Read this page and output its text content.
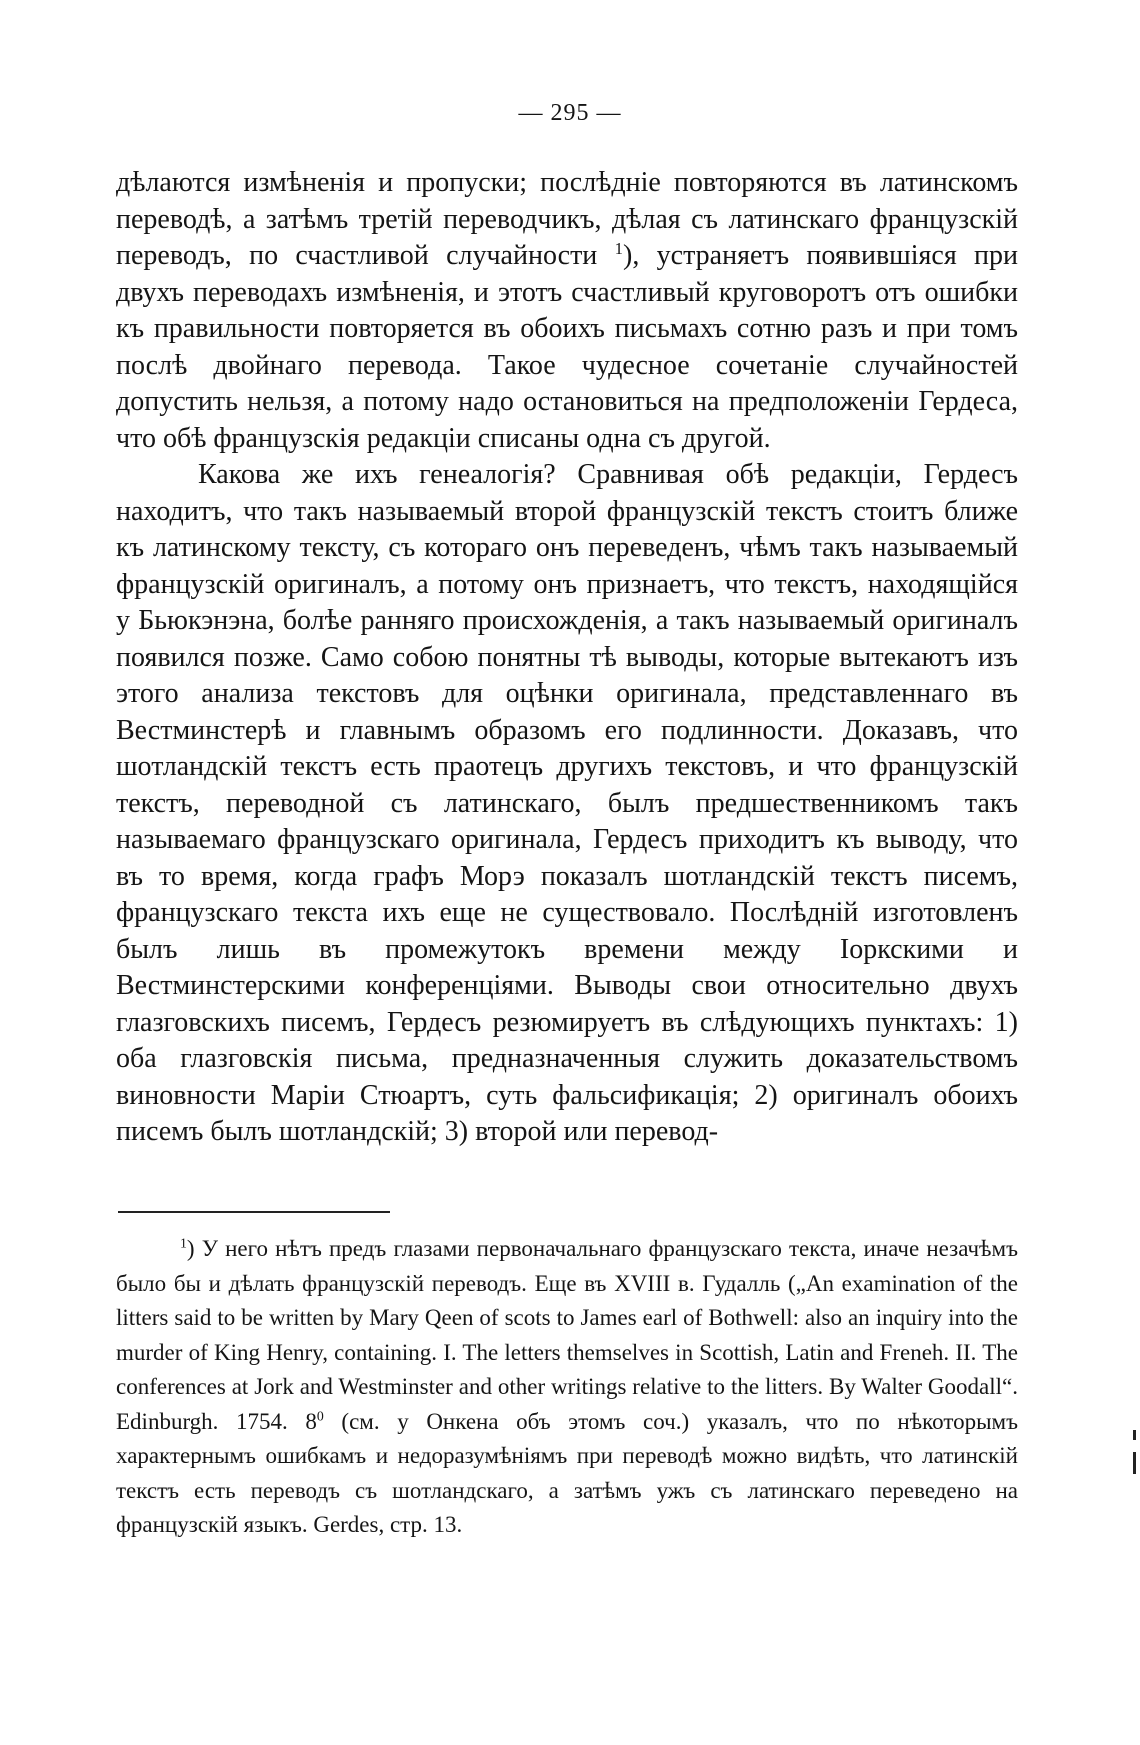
— 295 —

дѣлаются измѣненія и пропуски; послѣдніе повторяются въ латинскомъ переводѣ, а затѣмъ третій переводчикъ, дѣлая съ латинскаго французскій переводъ, по счастливой случайности $^1$), устраняетъ появившіяся при двухъ переводахъ измѣненія, и этотъ счастливый круговоротъ отъ ошибки къ правильности повторяется въ обоихъ письмахъ сотню разъ и при томъ послѣ двойнаго перевода. Такое чудесное сочетаніе случайностей допустить нельзя, а потому надо остановиться на предположеніи Гердеса, что обѣ французскія редакціи списаны одна съ другой.

Какова же ихъ генеалогія? Сравнивая обѣ редакціи, Гердесъ находитъ, что такъ называемый второй французскій текстъ стоитъ ближе къ латинскому тексту, съ котораго онъ переведенъ, чѣмъ такъ называемый французскій оригиналъ, а потому онъ признаетъ, что текстъ, находящійся у Бьюкэнэна, болѣе ранняго происхожденія, а такъ называемый оригиналъ появился позже. Само собою понятны тѣ выводы, которые вытекаютъ изъ этого анализа текстовъ для оцѣнки оригинала, представленнаго въ Вестминстерѣ и главнымъ образомъ его подлинности. Доказавъ, что шотландскій текстъ есть праотецъ другихъ текстовъ, и что французскій текстъ, переводной съ латинскаго, былъ предшественникомъ такъ называемаго французскаго оригинала, Гердесъ приходитъ къ выводу, что въ то время, когда графъ Морэ показалъ шотландскій текстъ писемъ, французскаго текста ихъ еще не существовало. Послѣдній изготовленъ былъ лишь въ промежутокъ времени между Іоркскими и Вестминстерскими конференціями. Выводы свои относительно двухъ глазговскихъ писемъ, Гердесъ резюмируетъ въ слѣдующихъ пунктахъ: 1) оба глазговскія письма, предназначенныя служить доказательствомъ виновности Маріи Стюартъ, суть фальсификація; 2) оригиналъ обоихъ писемъ былъ шотландскій; 3) второй или перевод-

$^1$) У него нѣтъ предъ глазами первоначальнаго французскаго текста, иначе незачѣмъ было бы и дѣлать французскій переводъ. Еще въ XVIII в. Гудалль („An examination of the litters said to be written by Mary Qeen of scots to James earl of Bothwell: also an inquiry into the murder of King Henry, containing. I. The letters themselves in Scottish, Latin and Freneh. II. The conferences at Jork and Westminster and other writings relative to the litters. By Walter Goodall“. Edinburgh. 1754. $8^0$ (см. у Онкена объ этомъ соч.) указалъ, что по нѣкоторымъ характернымъ ошибкамъ и недоразумѣніямъ при переводѣ можно видѣть, что латинскій текстъ есть переводъ съ шотландскаго, а затѣмъ ужъ съ латинскаго переведено на французскій языкъ. Gerdes, стр. 13.
